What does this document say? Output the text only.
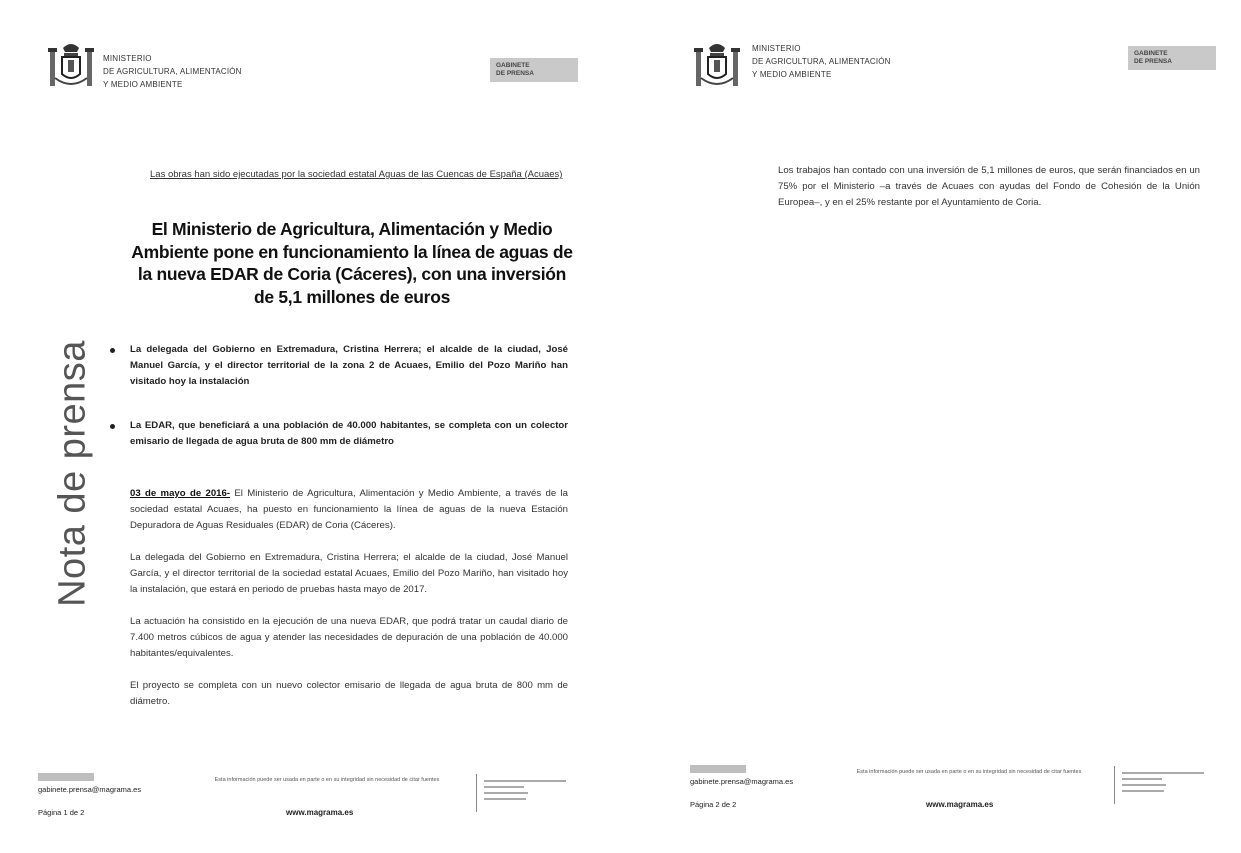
MINISTERIO
DE AGRICULTURA, ALIMENTACIÓN
Y MEDIO AMBIENTE
GABINETE
DE PRENSA
Las obras han sido ejecutadas por la sociedad estatal Aguas de las Cuencas de España (Acuaes)
El Ministerio de Agricultura, Alimentación y Medio Ambiente pone en funcionamiento la línea de aguas de la nueva EDAR de Coria (Cáceres), con una inversión de 5,1 millones de euros
Nota de prensa	La delegada del Gobierno en Extremadura, Cristina Herrera; el alcalde de la ciudad, José Manuel García, y el director territorial de la zona 2 de Acuaes, Emilio del Pozo Mariño han visitado hoy la instalación
La EDAR, que beneficiará a una población de 40.000 habitantes, se completa con un colector emisario de llegada de agua bruta de 800 mm de diámetro

03 de mayo de 2016- El Ministerio de Agricultura, Alimentación y Medio Ambiente, a través de la sociedad estatal Acuaes, ha puesto en funcionamiento la línea de aguas de la nueva Estación Depuradora de Aguas Residuales (EDAR) de Coria (Cáceres).

La delegada del Gobierno en Extremadura, Cristina Herrera; el alcalde de la ciudad, José Manuel García, y el director territorial de la sociedad estatal Acuaes, Emilio del Pozo Mariño, han visitado hoy la instalación, que estará en periodo de pruebas hasta mayo de 2017.

La actuación ha consistido en la ejecución de una nueva EDAR, que podrá tratar un caudal diario de 7.400 metros cúbicos de agua y atender las necesidades de depuración de una población de 40.000 habitantes/equivalentes.

El proyecto se completa con un nuevo colector emisario de llegada de agua bruta de 800 mm de diámetro.

gabinete.prensa@magrama.es
Página 1 de 2
Esta información puede ser usada en parte o en su integridad sin necesidad de citar fuentes
www.magrama.es
MINISTERIO
DE AGRICULTURA, ALIMENTACIÓN
Y MEDIO AMBIENTE
GABINETE
DE PRENSA

Los trabajos han contado con una inversión de 5,1 millones de euros, que serán financiados en un 75% por el Ministerio –a través de Acuaes con ayudas del Fondo de Cohesión de la Unión Europea–, y en el 25% restante por el Ayuntamiento de Coria.

gabinete.prensa@magrama.es
Página 2 de 2
Esta información puede ser usada en parte o en su integridad sin necesidad de citar fuentes
www.magrama.es
